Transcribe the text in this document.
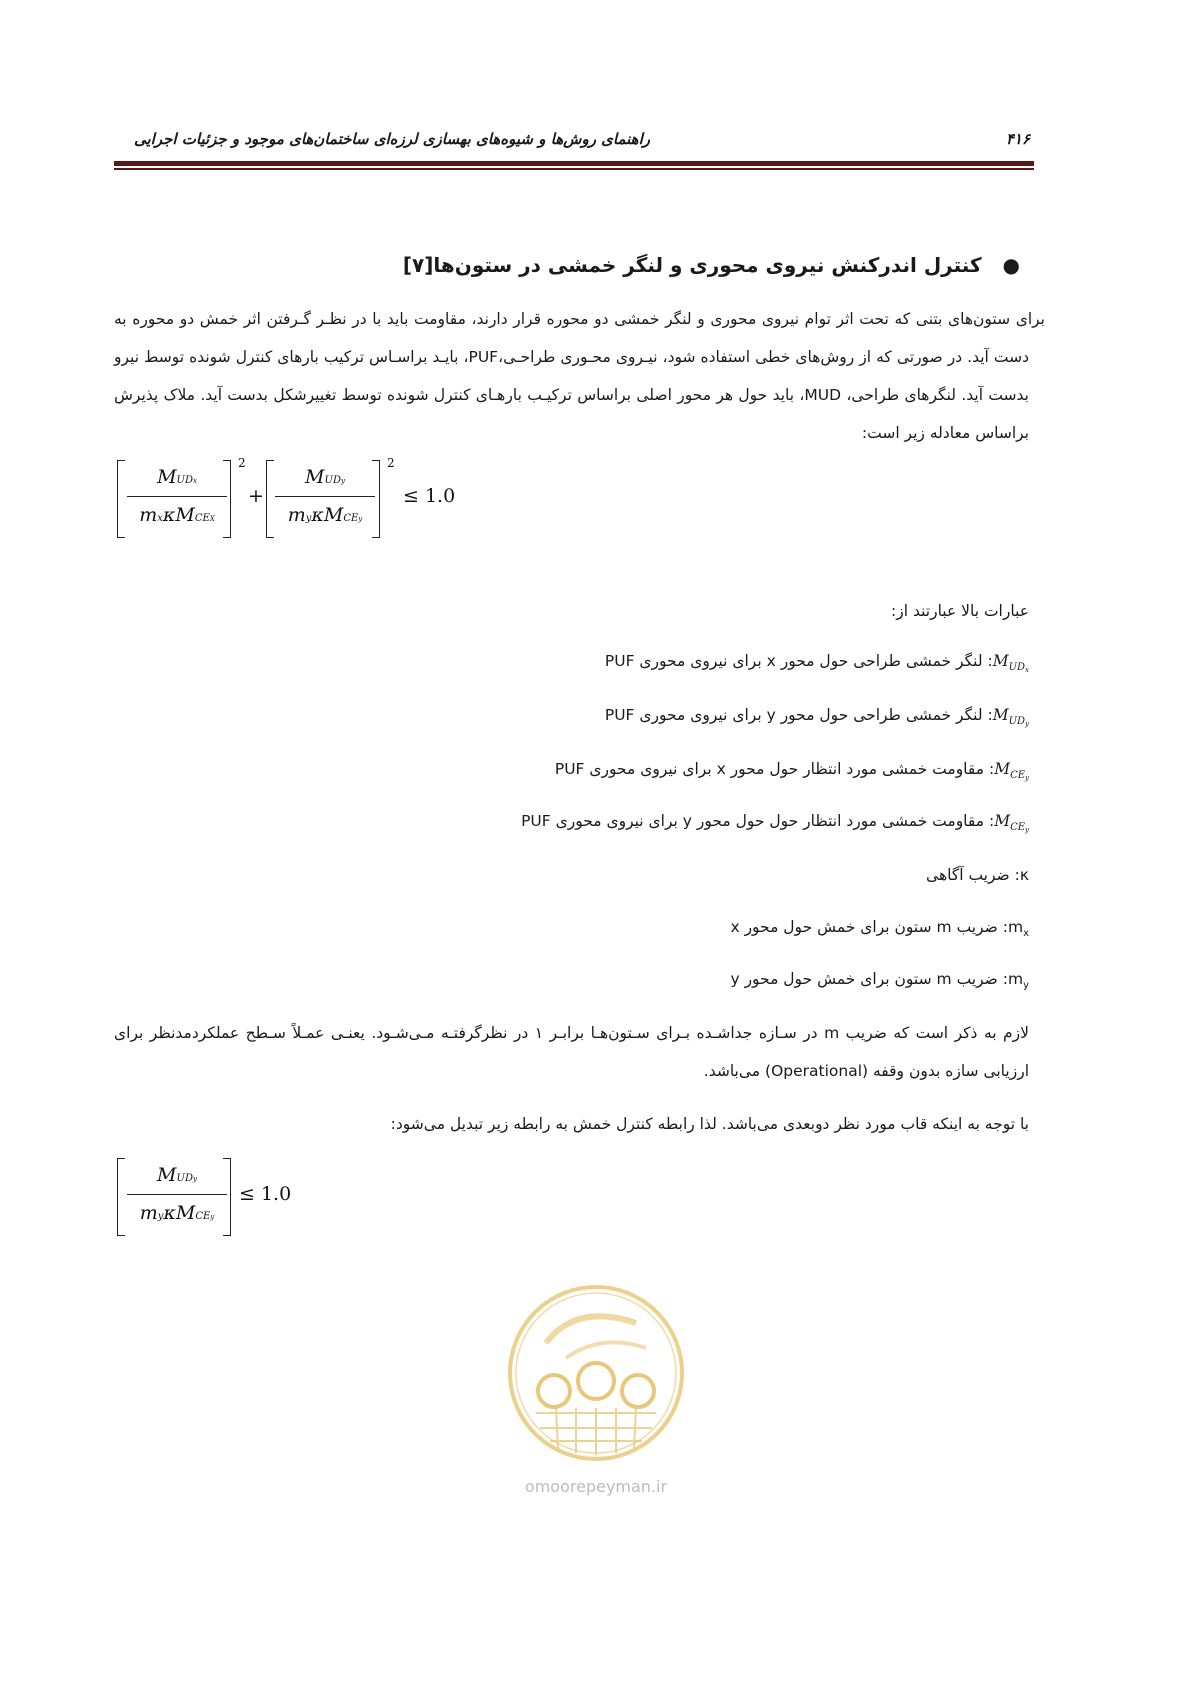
راهنمای روش‌ها و شیوه‌های بهسازی لرزه‌ای ساختمان‌های موجود و جزئیات اجرایی	۴۱۶
● کنترل اندرکنش نیروی محوری و لنگر خمشی در ستون‌ها[۷]
برای ستون‌های بتنی که تحت اثر توام نیروی محوری و لنگر خمشی دو محوره قرار دارند، مقاومت باید با در نظـر گـرفتن اثر خمش دو محوره به دست آید. در صورتی که از روش‌های خطی استفاده شود، نیـروی محـوری طراحـی،PUF، بایـد براسـاس ترکیب بارهای کنترل شونده توسط نیرو بدست آید. لنگرهای طراحی، MUD، باید حول هر محور اصلی براساس ترکیـب بارهـای کنترل شونده توسط تغییرشکل بدست آید. ملاک پذیرش براساس معادله زیر است:
MUDx
mxκMCEX
2
+
MUDy
myκMCEy
2
≤ 1.0
عبارات بالا عبارتند از:
$M_{UDx}$: لنگر خمشی طراحی حول محور x برای نیروی محوری PUF
$M_{UDy}$: لنگر خمشی طراحی حول محور y برای نیروی محوری PUF
$M_{CEy}$: مقاومت خمشی مورد انتظار حول محور x برای نیروی محوری PUF
$M_{CEy}$: مقاومت خمشی مورد انتظار حول حول محور y برای نیروی محوری PUF
κ: ضریب آگاهی
$m_x$: ضریب m ستون برای خمش حول محور x
$m_y$: ضریب m ستون برای خمش حول محور y
لازم به ذکر است که ضریب m در سـازه جداشـده بـرای سـتون‌هـا برابـر ۱ در نظرگرفتـه مـی‌شـود. یعنـی عمـلاً سـطح عملکردمدنظر برای ارزیابی سازه بدون وقفه (Operational) می‌باشد.
با توجه به اینکه قاب مورد نظر دوبعدی می‌باشد. لذا رابطه کنترل خمش به رابطه زیر تبدیل می‌شود:
MUDy
myκMCEy
≤ 1.0
omoorepeyman.ir
